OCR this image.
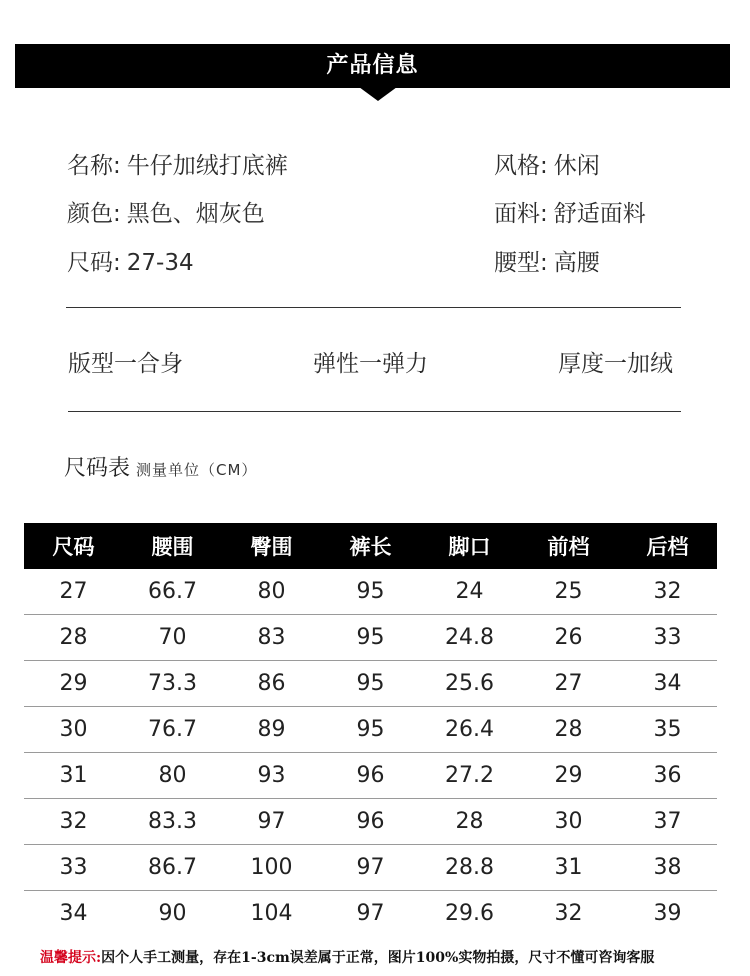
产品信息
名称: 牛仔加绒打底裤
颜色: 黑色、烟灰色
尺码: 27-34
风格: 休闲
面料: 舒适面料
腰型: 高腰
版型一合身	弹性一弹力	厚度一加绒
尺码表 测量单位（CM）
尺码	腰围	臀围	裤长	脚口	前档	后档
27	66.7	80	95	24	25	32
28	70	83	95	24.8	26	33
29	73.3	86	95	25.6	27	34
30	76.7	89	95	26.4	28	35
31	80	93	96	27.2	29	36
32	83.3	97	96	28	30	37
33	86.7	100	97	28.8	31	38
34	90	104	97	29.6	32	39
温馨提示:因个人手工测量，存在1-3cm误差属于正常，图片100%实物拍摄，尺寸不懂可咨询客服
